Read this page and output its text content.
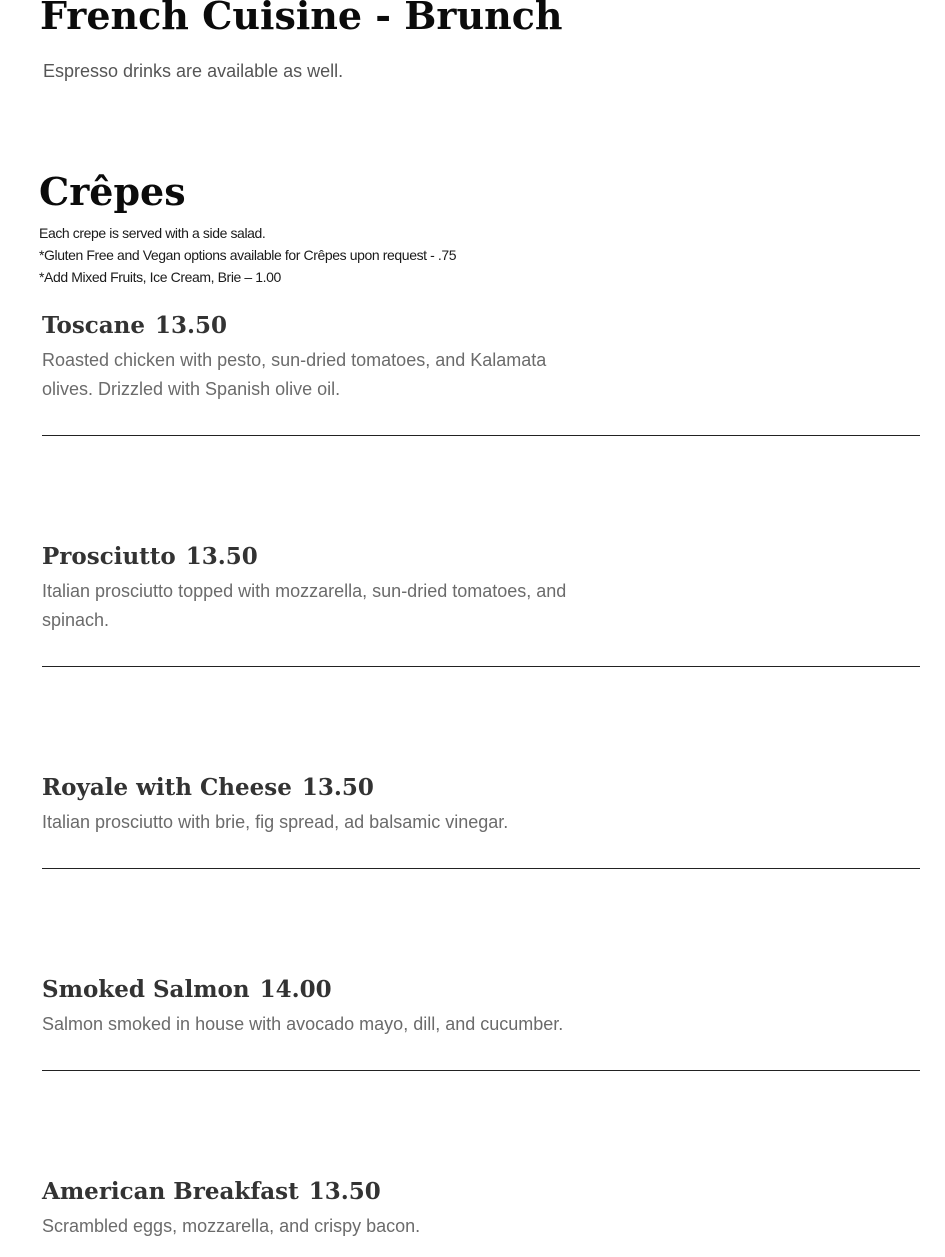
French Cuisine - Brunch

Espresso drinks are available as well.

Crêpes
Each crepe is served with a side salad.
*Gluten Free and Vegan options available for Crêpes upon request - .75
*Add Mixed Fruits, Ice Cream, Brie – 1.00
Toscane 13.50

Roasted chicken with pesto, sun-dried tomatoes, and Kalamata olives. Drizzled with Spanish olive oil.

Prosciutto 13.50

Italian prosciutto topped with mozzarella, sun-dried tomatoes, and spinach.

Royale with Cheese 13.50

Italian prosciutto with brie, fig spread, ad balsamic vinegar.

Smoked Salmon 14.00

Salmon smoked in house with avocado mayo, dill, and cucumber.

American Breakfast 13.50

Scrambled eggs, mozzarella, and crispy bacon.
